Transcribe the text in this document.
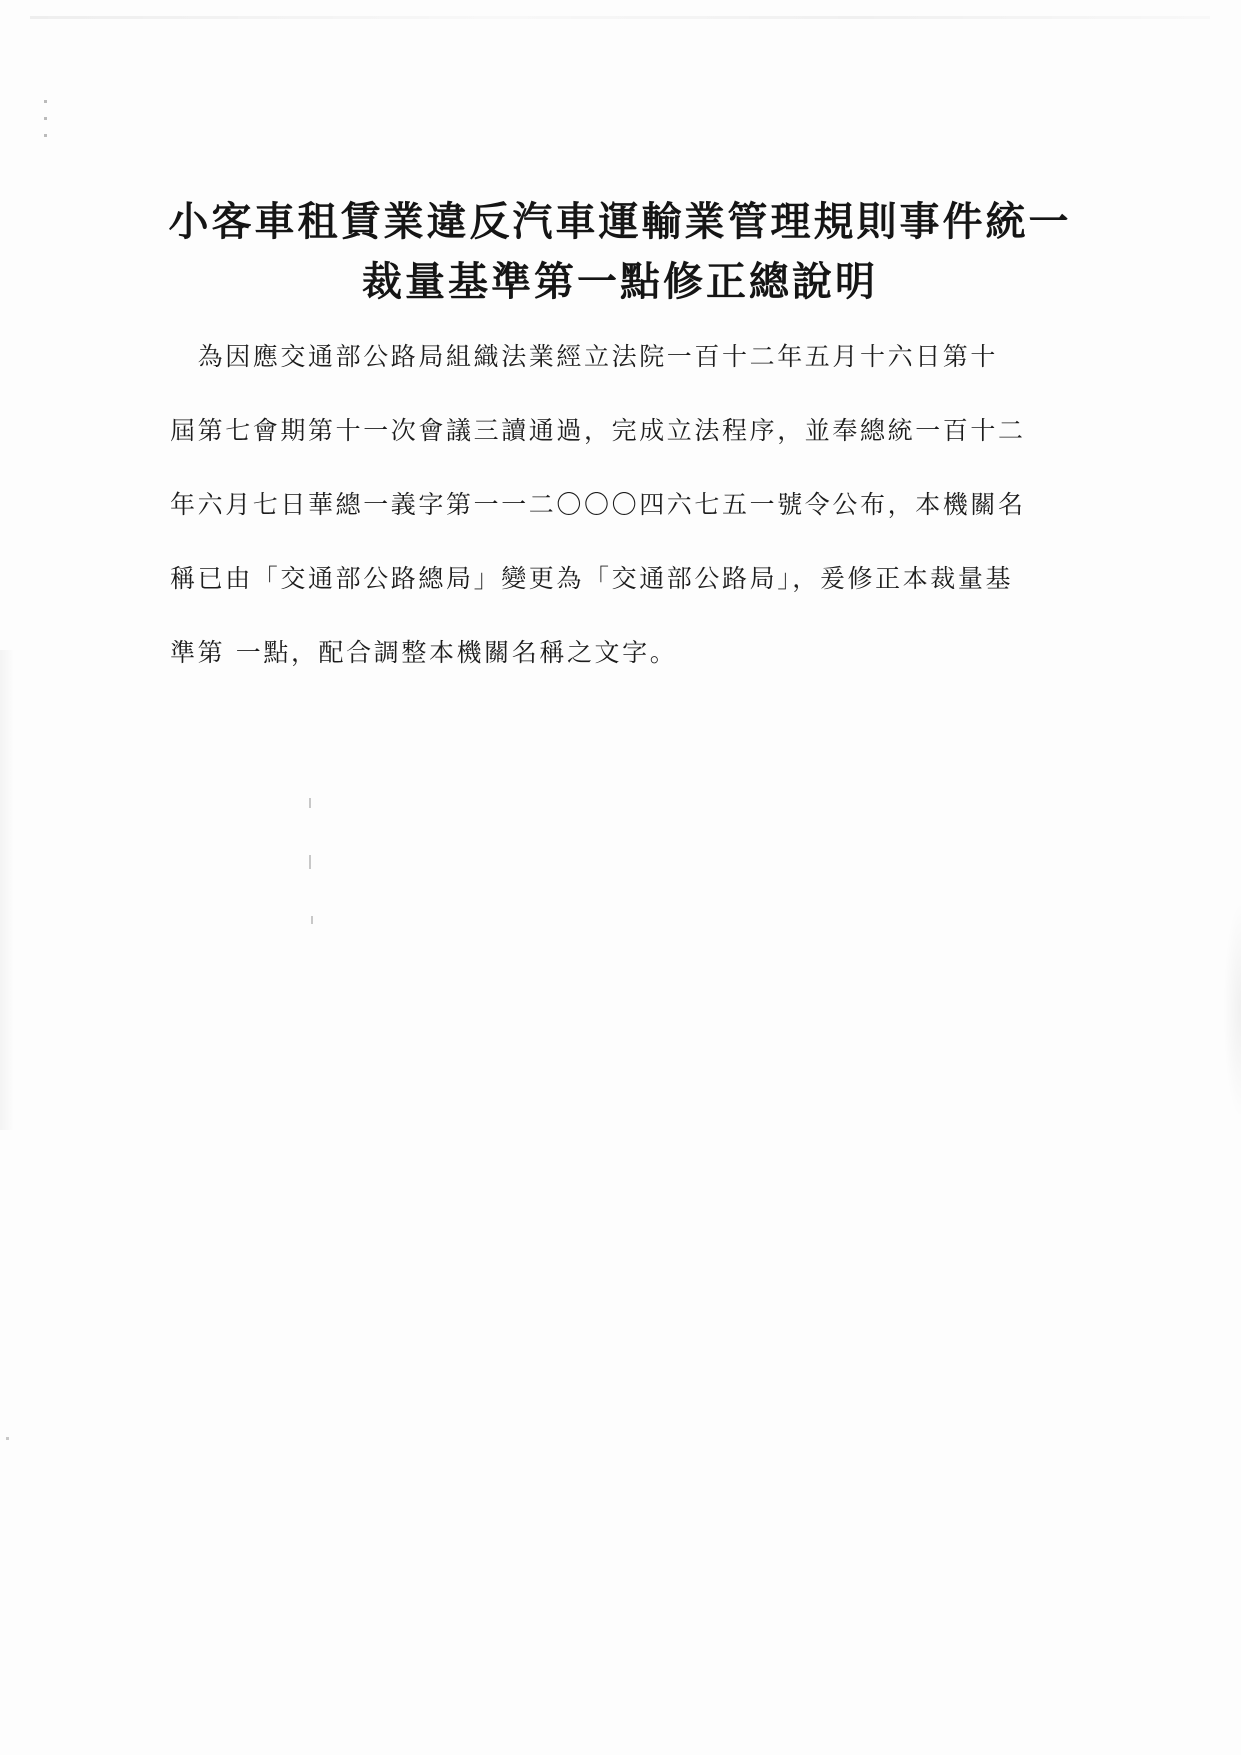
小客車租賃業違反汽車運輸業管理規則事件統一
裁量基準第一點修正總說明
　為因應交通部公路局組織法業經立法院一百十二年五月十六日第十
屆第七會期第十一次會議三讀通過，完成立法程序，並奉總統一百十二
年六月七日華總一義字第一一二〇〇〇四六七五一號令公布，本機關名
稱已由「交通部公路總局」變更為「交通部公路局」，爰修正本裁量基
準第 一點，配合調整本機關名稱之文字。
